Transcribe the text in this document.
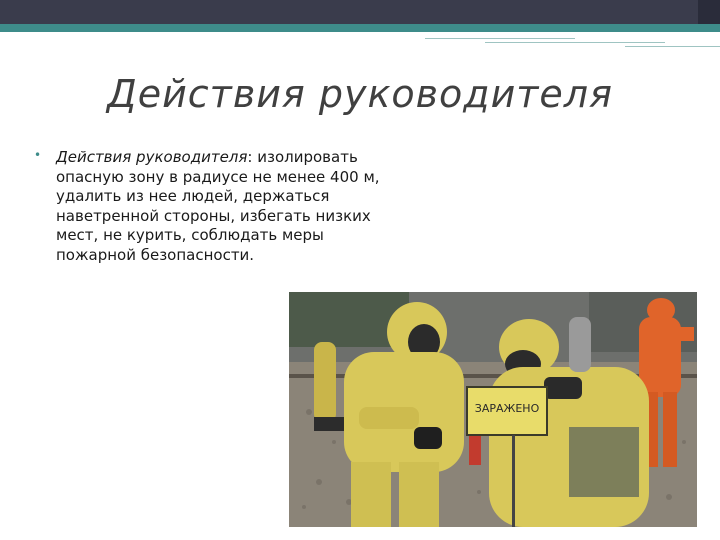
Действия руководителя
• Действия руководителя: изолировать опасную зону в радиусе не менее 400 м, удалить из нее людей, держаться наветренной стороны, избегать низких мест, не курить, соблюдать меры пожарной безопасности.
ЗАРАЖЕНО
